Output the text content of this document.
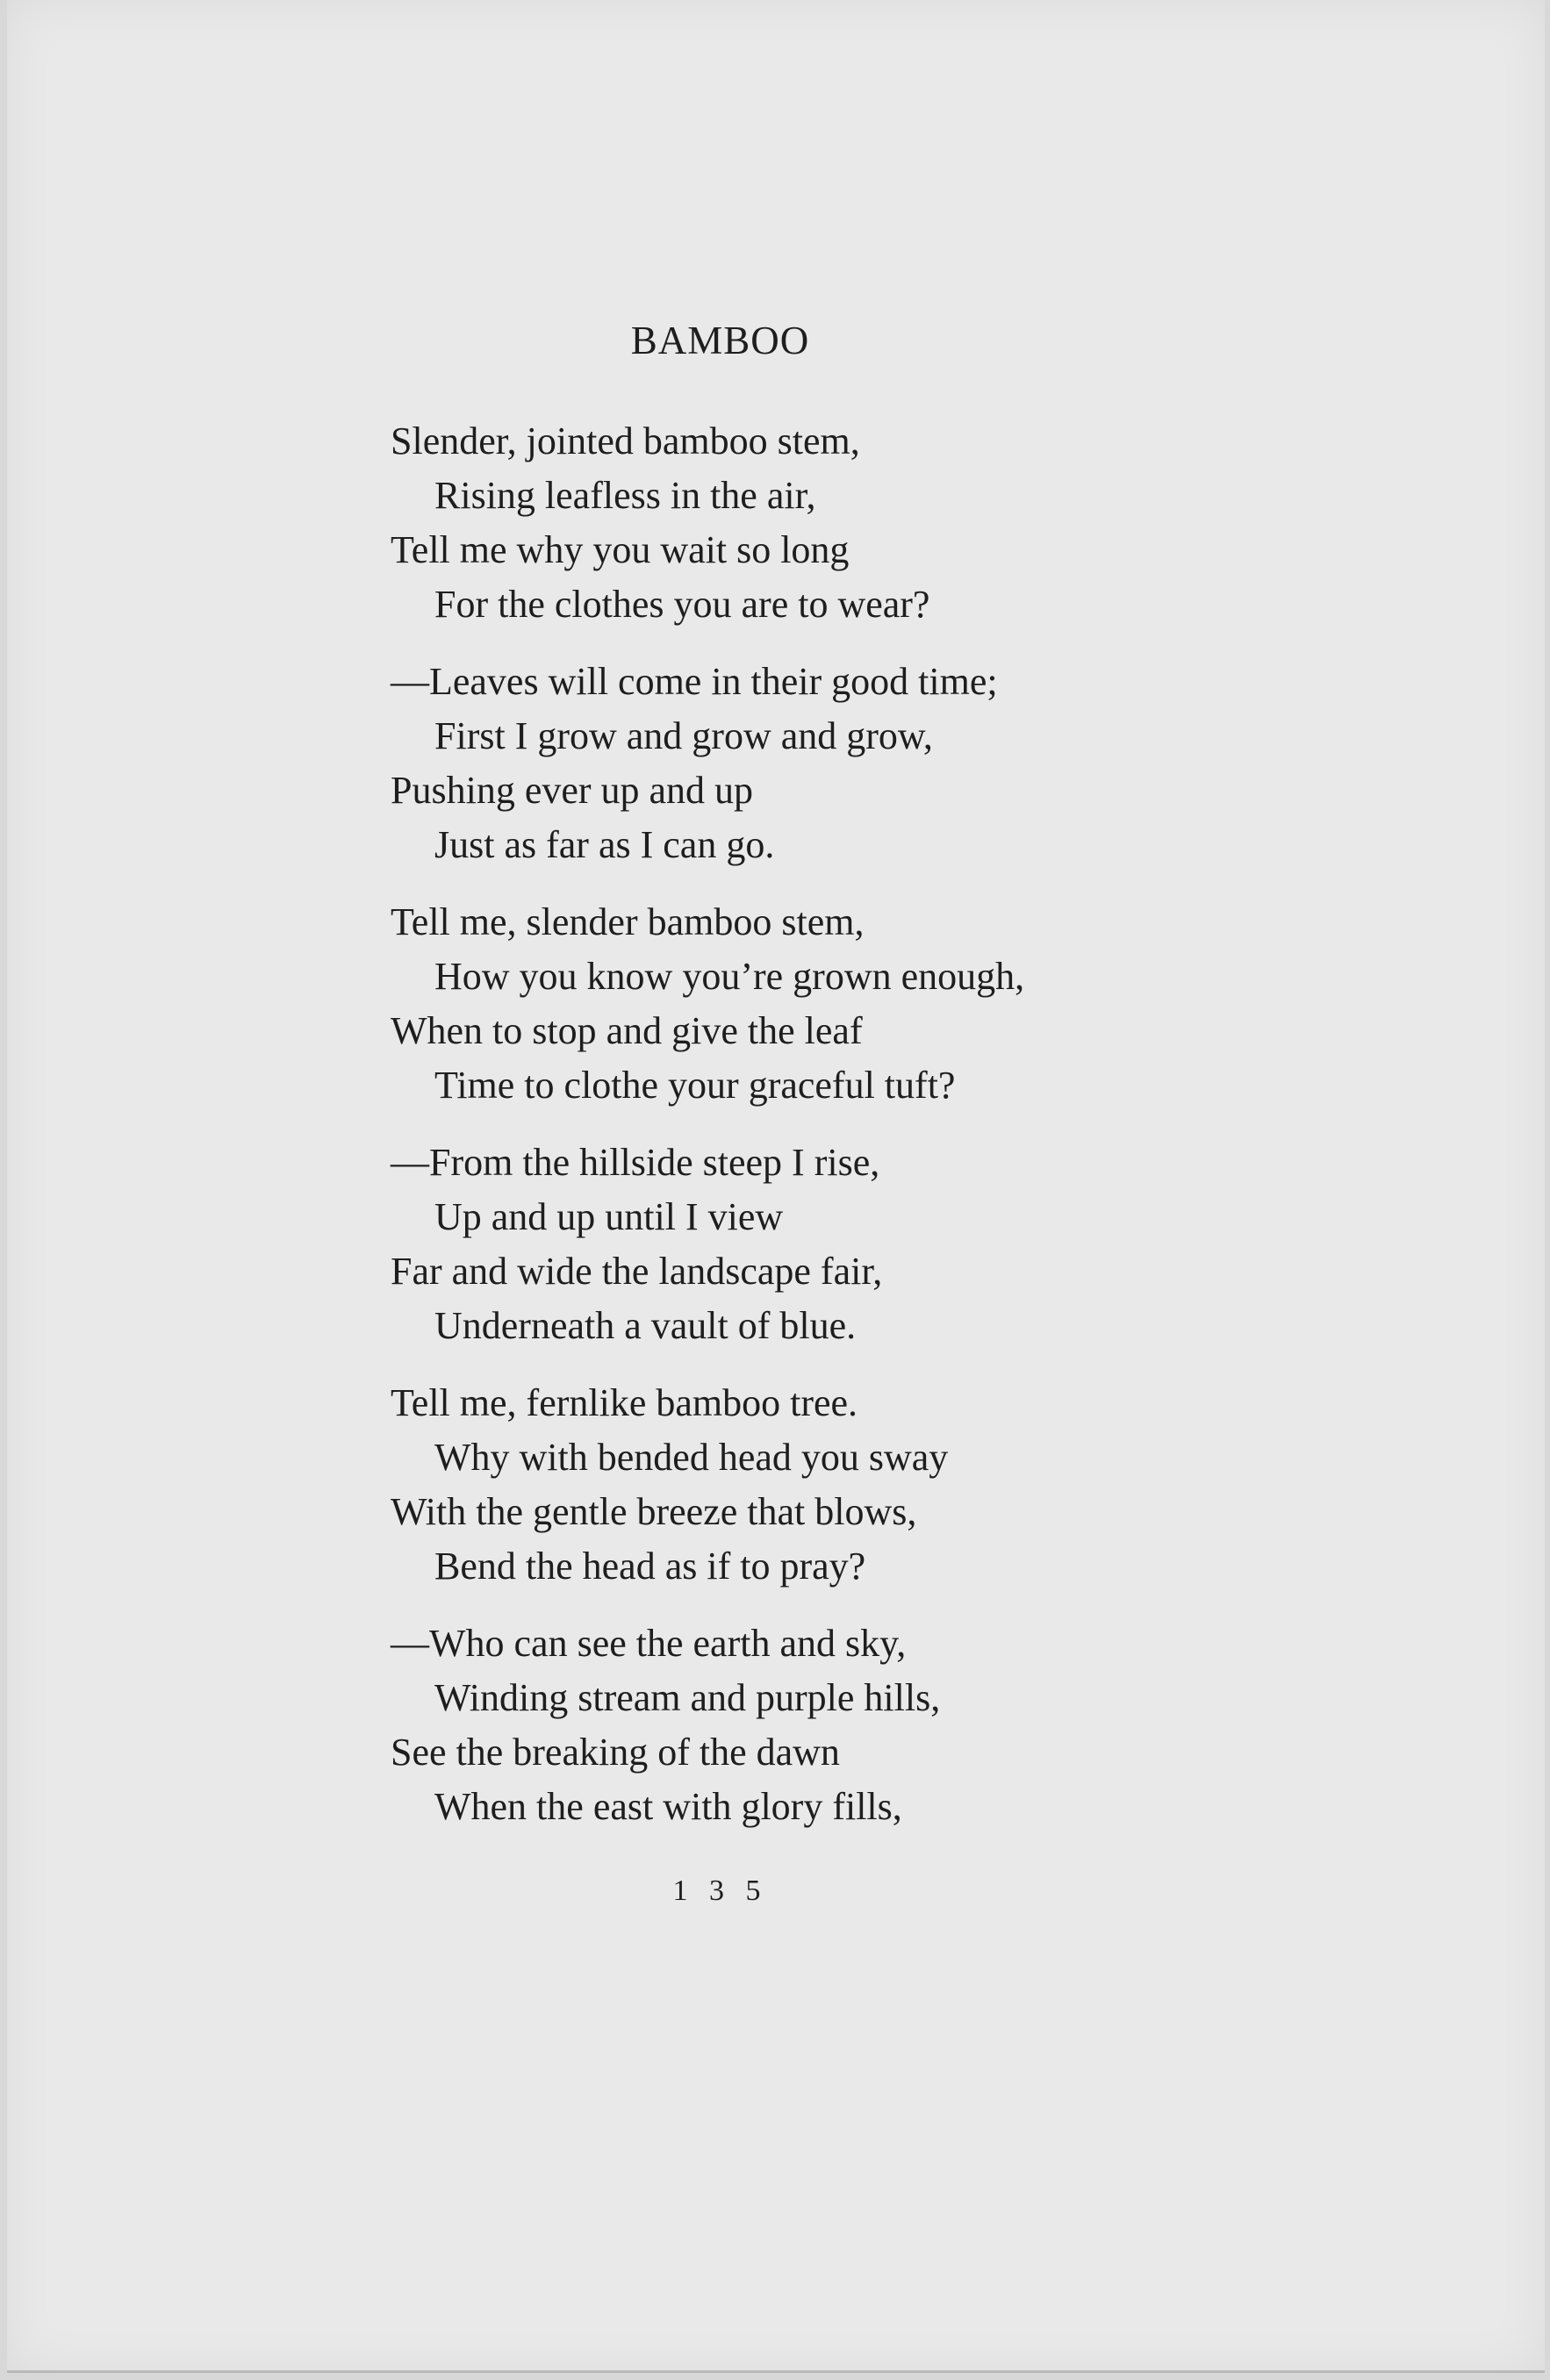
BAMBOO
Slender, jointed bamboo stem,
Rising leafless in the air,
Tell me why you wait so long
For the clothes you are to wear?
—Leaves will come in their good time;
First I grow and grow and grow,
Pushing ever up and up
Just as far as I can go.
Tell me, slender bamboo stem,
How you know you’re grown enough,
When to stop and give the leaf
Time to clothe your graceful tuft?
—From the hillside steep I rise,
Up and up until I view
Far and wide the landscape fair,
Underneath a vault of blue.
Tell me, fernlike bamboo tree.
Why with bended head you sway
With the gentle breeze that blows,
Bend the head as if to pray?
—Who can see the earth and sky,
Winding stream and purple hills,
See the breaking of the dawn
When the east with glory fills,
1 3 5
